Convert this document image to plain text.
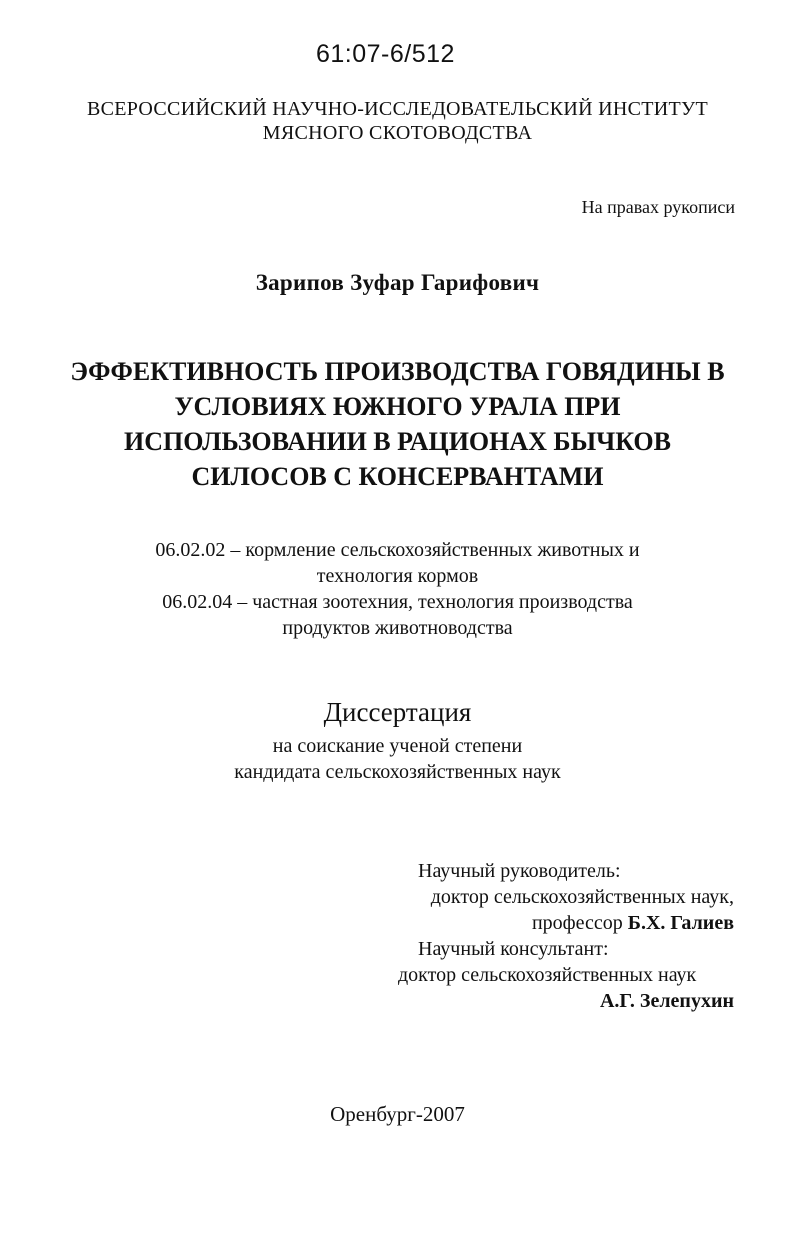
61:07-6/512
ВСЕРОССИЙСКИЙ НАУЧНО-ИССЛЕДОВАТЕЛЬСКИЙ ИНСТИТУТ
МЯСНОГО СКОТОВОДСТВА
На правах рукописи
Зарипов Зуфар Гарифович
ЭФФЕКТИВНОСТЬ ПРОИЗВОДСТВА ГОВЯДИНЫ В
УСЛОВИЯХ ЮЖНОГО УРАЛА ПРИ
ИСПОЛЬЗОВАНИИ В РАЦИОНАХ БЫЧКОВ
СИЛОСОВ С КОНСЕРВАНТАМИ
06.02.02 – кормление сельскохозяйственных животных и
технология кормов
06.02.04 – частная зоотехния, технология производства
продуктов животноводства
Диссертация
на соискание ученой степени
кандидата сельскохозяйственных наук
Научный руководитель:
доктор сельскохозяйственных наук,
профессор Б.Х. Галиев
Научный консультант:
доктор сельскохозяйственных наук
А.Г. Зелепухин
Оренбург-2007
